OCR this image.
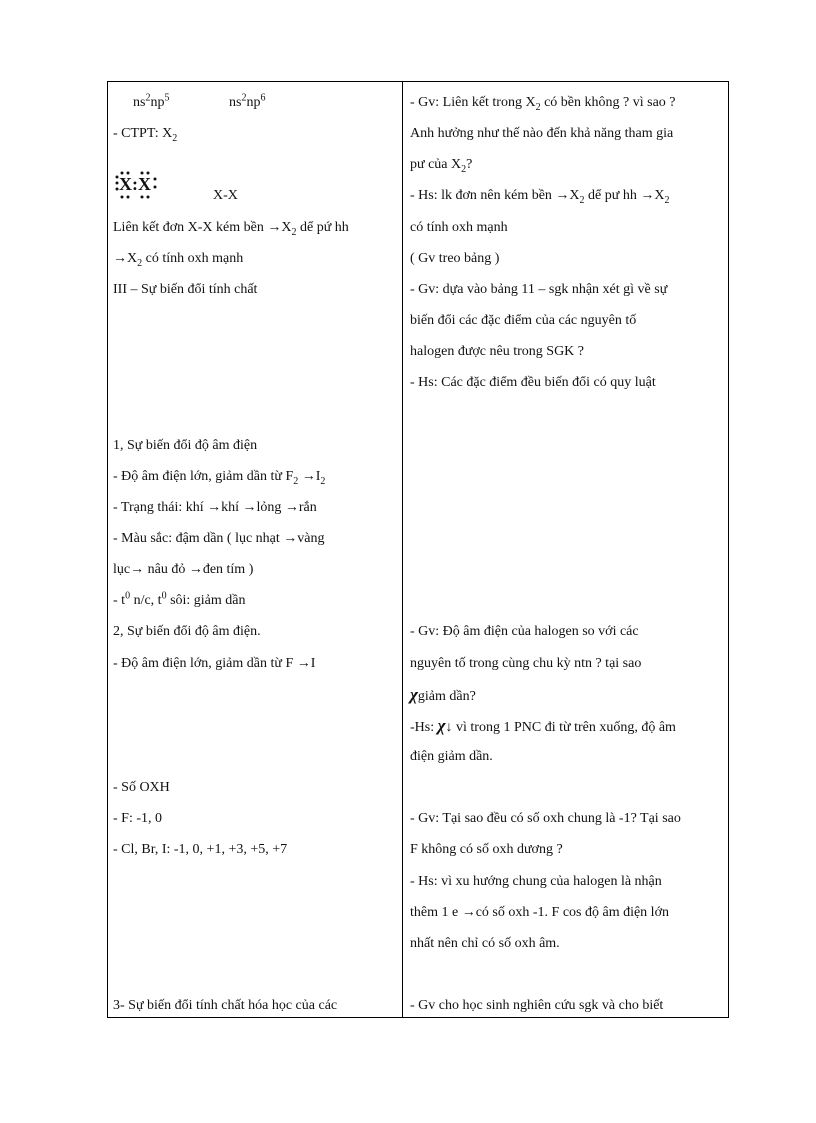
$ns^2np^5$	$ns^2np^6$
- CTPT: $X_2$
X:X
X-X
Liên kết đơn X-X kém bền $\to X_2$ dể pứ hh
$\to X_2$ có tính oxh mạnh
III – Sự biến đổi tính chất
1, Sự biến đổi độ âm điện
- Độ âm điện lớn, giảm dần từ $F_2 \to I_2$
- Trạng thái: khí →khí →lỏng →rắn
- Màu sắc: đậm dần ( lục nhạt →vàng
lục→ nâu đỏ →đen tím )
- $t^0$ n/c, $t^0$ sôi: giảm dần
2, Sự biến đổi độ âm điện.
- Độ âm điện lớn, giảm dần từ F →I
- Số OXH
- F: -1, 0
- Cl, Br, I: -1, 0, +1, +3, +5, +7
3- Sự biến đổi tính chất hóa học của các
- Gv: Liên kết trong $X_2$ có bền không ? vì sao ?
Anh hưởng như thế nào đến khả năng tham gia
pư của $X_2$?
- Hs: lk đơn nên kém bền $\to X_2$ dể pư hh $\to X_2$
có tính oxh mạnh
( Gv treo bảng )
- Gv: dựa vào bảng 11 – sgk nhận xét gì về sự
biến đổi các đặc điểm của các nguyên tố
halogen được nêu trong SGK ?
- Hs: Các đặc điểm đều biến đổi có quy luật
- Gv: Độ âm điện của halogen so với các
nguyên tố trong cùng chu kỳ ntn ? tại sao
χgiảm dần?
-Hs: χ↓ vì trong 1 PNC đi từ trên xuống, độ âm
điện giảm dần.
- Gv: Tại sao đều có số oxh chung là -1? Tại sao
F không có số oxh dương ?
- Hs: vì xu hướng chung của halogen là nhận
thêm 1 e →có số oxh -1. F cos độ âm điện lớn
nhất nên chỉ có số oxh âm.
- Gv cho học sinh nghiên cứu sgk và cho biết
